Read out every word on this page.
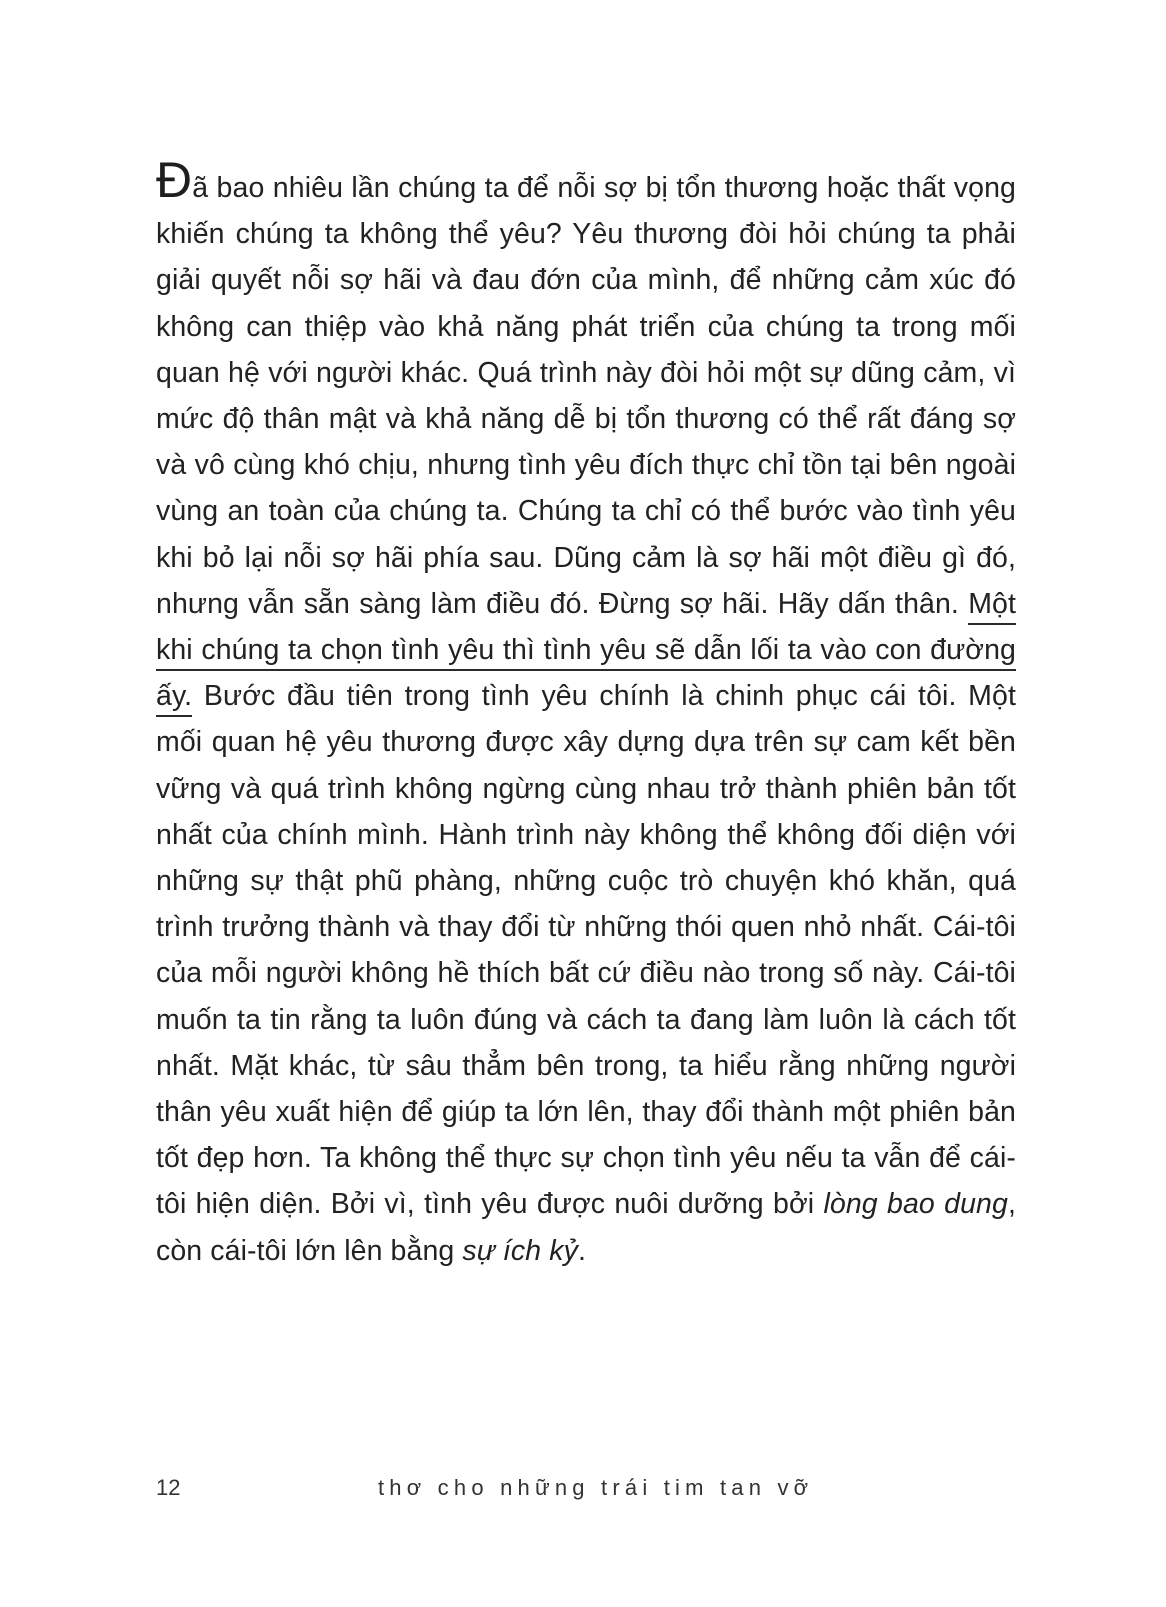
Đã bao nhiêu lần chúng ta để nỗi sợ bị tổn thương hoặc thất vọng khiến chúng ta không thể yêu? Yêu thương đòi hỏi chúng ta phải giải quyết nỗi sợ hãi và đau đớn của mình, để những cảm xúc đó không can thiệp vào khả năng phát triển của chúng ta trong mối quan hệ với người khác. Quá trình này đòi hỏi một sự dũng cảm, vì mức độ thân mật và khả năng dễ bị tổn thương có thể rất đáng sợ và vô cùng khó chịu, nhưng tình yêu đích thực chỉ tồn tại bên ngoài vùng an toàn của chúng ta. Chúng ta chỉ có thể bước vào tình yêu khi bỏ lại nỗi sợ hãi phía sau. Dũng cảm là sợ hãi một điều gì đó, nhưng vẫn sẵn sàng làm điều đó. Đừng sợ hãi. Hãy dấn thân. Một khi chúng ta chọn tình yêu thì tình yêu sẽ dẫn lối ta vào con đường ấy. Bước đầu tiên trong tình yêu chính là chinh phục cái tôi. Một mối quan hệ yêu thương được xây dựng dựa trên sự cam kết bền vững và quá trình không ngừng cùng nhau trở thành phiên bản tốt nhất của chính mình. Hành trình này không thể không đối diện với những sự thật phũ phàng, những cuộc trò chuyện khó khăn, quá trình trưởng thành và thay đổi từ những thói quen nhỏ nhất. Cái-tôi của mỗi người không hề thích bất cứ điều nào trong số này. Cái-tôi muốn ta tin rằng ta luôn đúng và cách ta đang làm luôn là cách tốt nhất. Mặt khác, từ sâu thẳm bên trong, ta hiểu rằng những người thân yêu xuất hiện để giúp ta lớn lên, thay đổi thành một phiên bản tốt đẹp hơn. Ta không thể thực sự chọn tình yêu nếu ta vẫn để cái-tôi hiện diện. Bởi vì, tình yêu được nuôi dưỡng bởi lòng bao dung, còn cái-tôi lớn lên bằng sự ích kỷ.
12	thơ cho những trái tim tan vỡ
